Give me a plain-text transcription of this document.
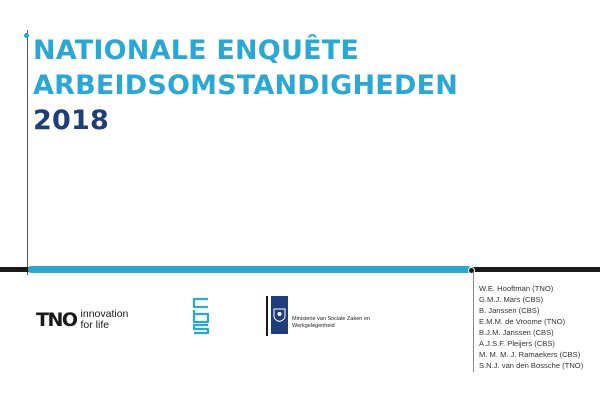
NATIONALE ENQUÊTE
ARBEIDSOMSTANDIGHEDEN
2018
TNO innovation
for life	Ministerie van Sociale Zaken en
Werkgelegenheid
W.E. Hooftman (TNO)
G.M.J. Mars (CBS)
B. Janssen (CBS)
E.M.M. de Vroome (TNO)
B.J.M. Janssen (CBS)
A.J.S.F. Pleijers (CBS)
M. M. M. J. Ramaekers (CBS)
S.N.J. van den Bossche (TNO)
